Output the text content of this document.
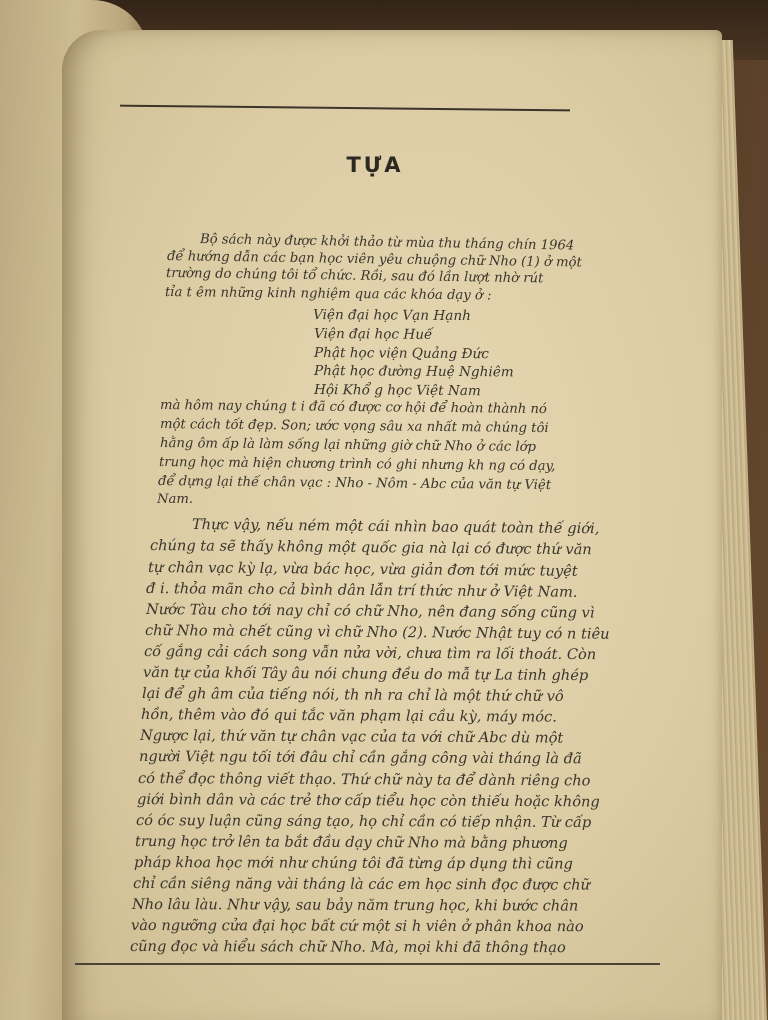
TỰA
Bộ sách này được khởi thảo từ mùa thu tháng chín 1964
để hướng dẫn các bạn học viên yêu chuộng chữ Nho (1) ở một
trường do chúng tôi tổ chức. Rồi, sau đó lần lượt nhờ rút
tỉa t êm những kinh nghiệm qua các khóa dạy ở :
Viện đại học Vạn Hạnh
Viện đại học Huế
Phật học viện Quảng Đức
Phật học đường Huệ Nghiêm
Hội Khổ g học Việt Nam
mà hôm nay chúng t i đã có được cơ hội để hoàn thành nó
một cách tốt đẹp. Son; ước vọng sâu xa nhất mà chúng tôi
hằng ôm ấp là làm sống lại những giờ chữ Nho ở các lớp
trung học mà hiện chương trình có ghi nhưng kh ng có dạy,
để dựng lại thế chân vạc : Nho - Nôm - Abc của văn tự Việt
Nam.
Thực vậy, nếu ném một cái nhìn bao quát toàn thế giới,
chúng ta sẽ thấy không một quốc gia nà lại có được thứ văn
tự chân vạc kỳ lạ, vừa bác học, vừa giản đơn tới mức tuyệt
đ i. thỏa mãn cho cả bình dân lẫn trí thức như ở Việt Nam.
Nước Tàu cho tới nay chỉ có chữ Nho, nên đang sống cũng vì
chữ Nho mà chết cũng vì chữ Nho (2). Nước Nhật tuy có n tiêu
cố gắng cải cách song vẫn nửa vời, chưa tìm ra lối thoát. Còn
văn tự của khối Tây âu nói chung đều do mẫ tự La tinh ghép
lại để gh âm của tiếng nói, th nh ra chỉ là một thứ chữ vô
hồn, thêm vào đó qui tắc văn phạm lại cầu kỳ, máy móc.
Ngược lại, thứ văn tự chân vạc của ta với chữ Abc dù một
người Việt ngu tối tới đâu chỉ cần gắng công vài tháng là đã
có thể đọc thông viết thạo. Thứ chữ này ta để dành riêng cho
giới bình dân và các trẻ thơ cấp tiểu học còn thiếu hoặc không
có óc suy luận cũng sáng tạo, họ chỉ cần có tiếp nhận. Từ cấp
trung học trở lên ta bắt đầu dạy chữ Nho mà bằng phương
pháp khoa học mới như chúng tôi đã từng áp dụng thì cũng
chỉ cần siêng năng vài tháng là các em học sinh đọc được chữ
Nho lâu làu. Như vậy, sau bảy năm trung học, khi bước chân
vào ngưỡng cửa đại học bất cứ một si h viên ở phân khoa nào
cũng đọc và hiểu sách chữ Nho. Mà, mọi khi đã thông thạo
